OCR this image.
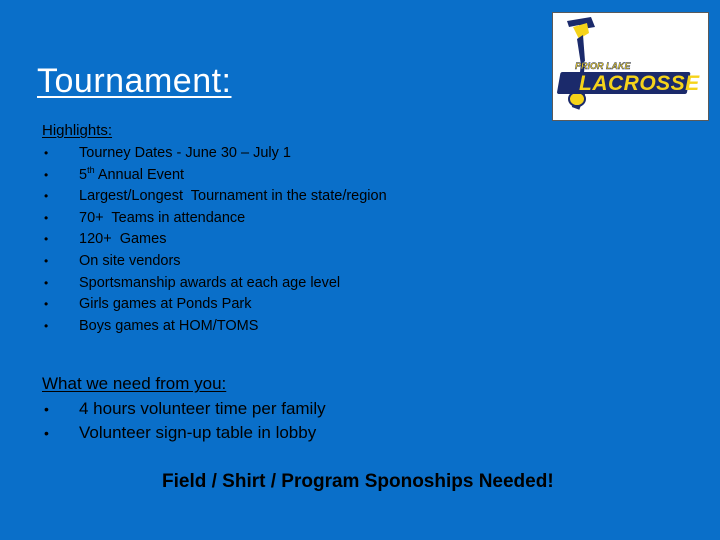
Tournament:	PRIOR LAKE
LACROSSE
Highlights:
• Tourney Dates - June 30 – July 1
• 5th Annual Event
• Largest/Longest  Tournament in the state/region
• 70+  Teams in attendance
• 120+  Games
• On site vendors
• Sportsmanship awards at each age level
• Girls games at Ponds Park
• Boys games at HOM/TOMS
What we need from you:
• 4 hours volunteer time per family
• Volunteer sign-up table in lobby
Field / Shirt / Program Sponoships Needed!
